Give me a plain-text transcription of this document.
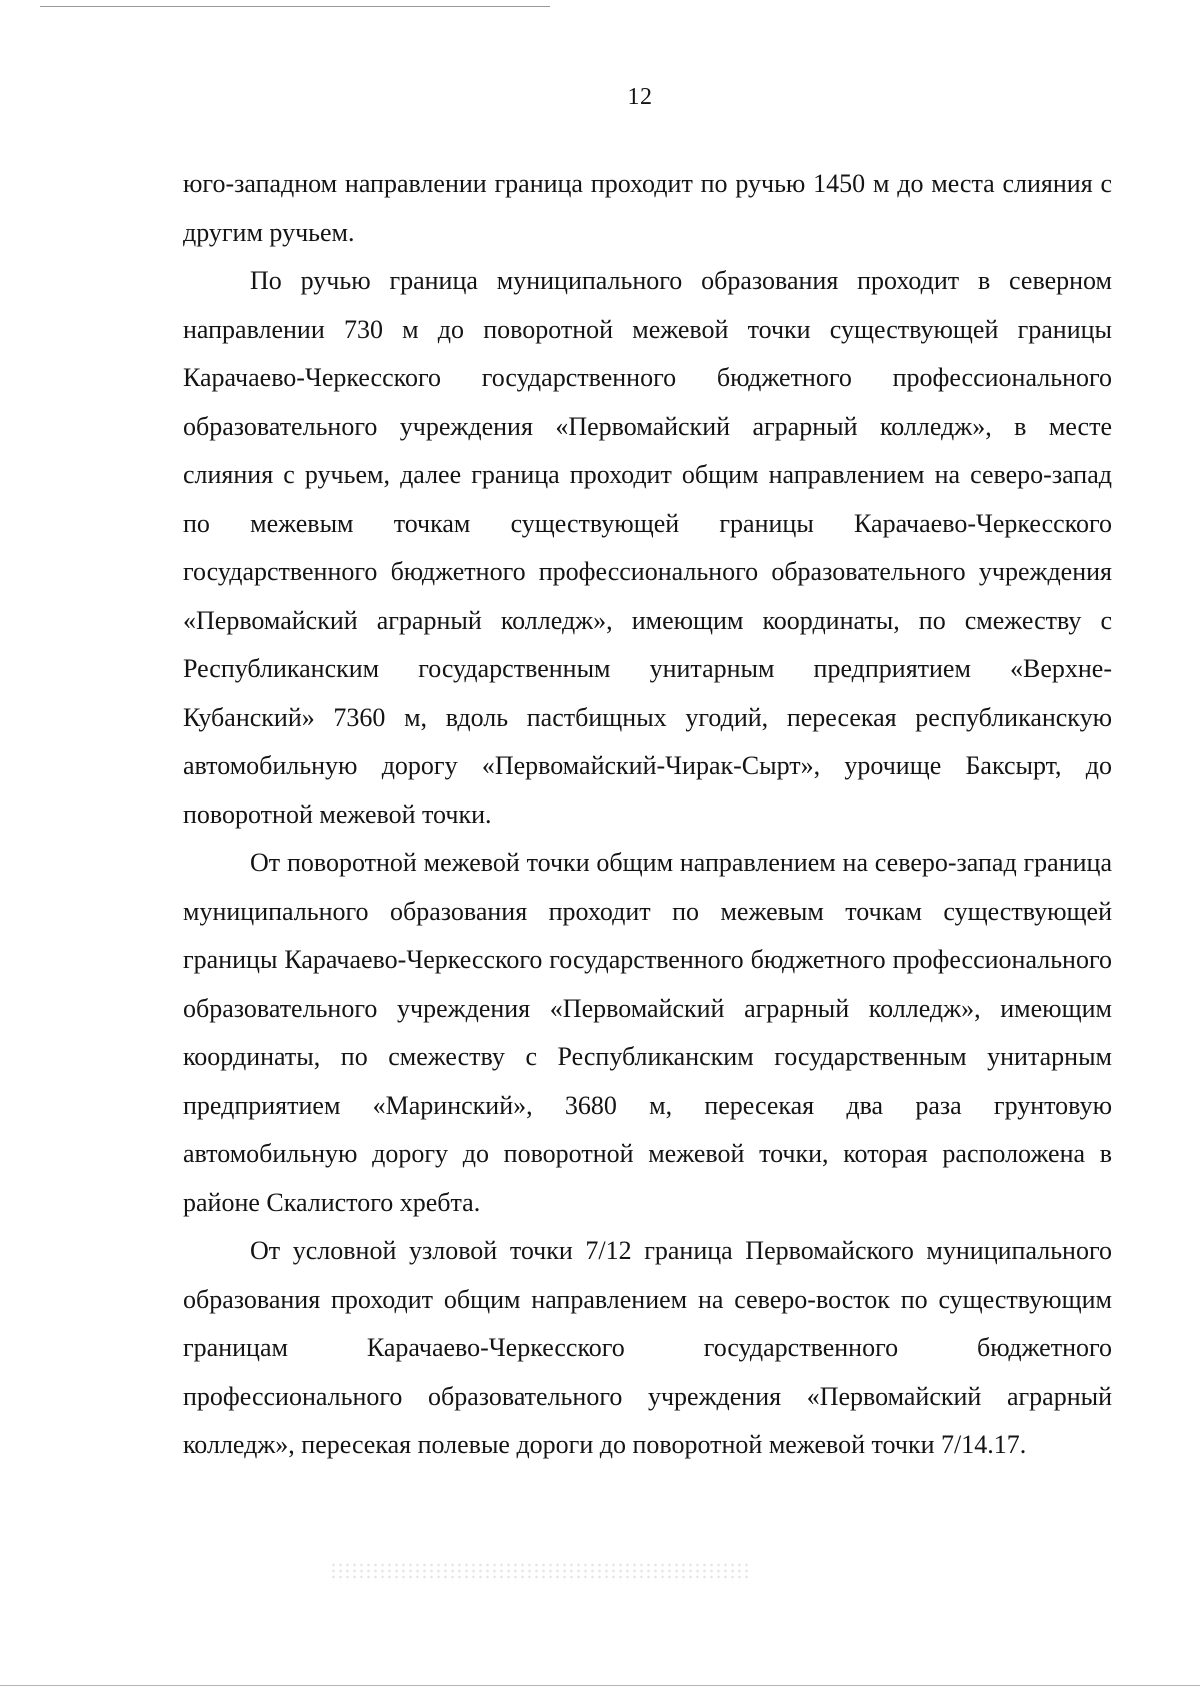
12

юго-западном направлении граница проходит по ручью 1450 м до места слияния с другим ручьем.

По ручью граница муниципального образования проходит в северном направлении 730 м до поворотной межевой точки существующей границы Карачаево-Черкесского государственного бюджетного профессионального образовательного учреждения «Первомайский аграрный колледж», в месте слияния с ручьем, далее граница проходит общим направлением на северо-запад по межевым точкам существующей границы Карачаево-Черкесского государственного бюджетного профессионального образовательного учреждения «Первомайский аграрный колледж», имеющим координаты, по смежеству с Республиканским государственным унитарным предприятием «Верхне-Кубанский» 7360 м, вдоль пастбищных угодий, пересекая республиканскую автомобильную дорогу «Первомайский-Чирак-Сырт», урочище Баксырт, до поворотной межевой точки.

От поворотной межевой точки общим направлением на северо-запад граница муниципального образования проходит по межевым точкам существующей границы Карачаево-Черкесского государственного бюджетного профессионального образовательного учреждения «Первомайский аграрный колледж», имеющим координаты, по смежеству с Республиканским государственным унитарным предприятием «Маринский», 3680 м, пересекая два раза грунтовую автомобильную дорогу до поворотной межевой точки, которая расположена в районе Скалистого хребта.

От условной узловой точки 7/12 граница Первомайского муниципального образования проходит общим направлением на северо-восток по существующим границам Карачаево-Черкесского государственного бюджетного профессионального образовательного учреждения «Первомайский аграрный колледж», пересекая полевые дороги до поворотной межевой точки 7/14.17.
